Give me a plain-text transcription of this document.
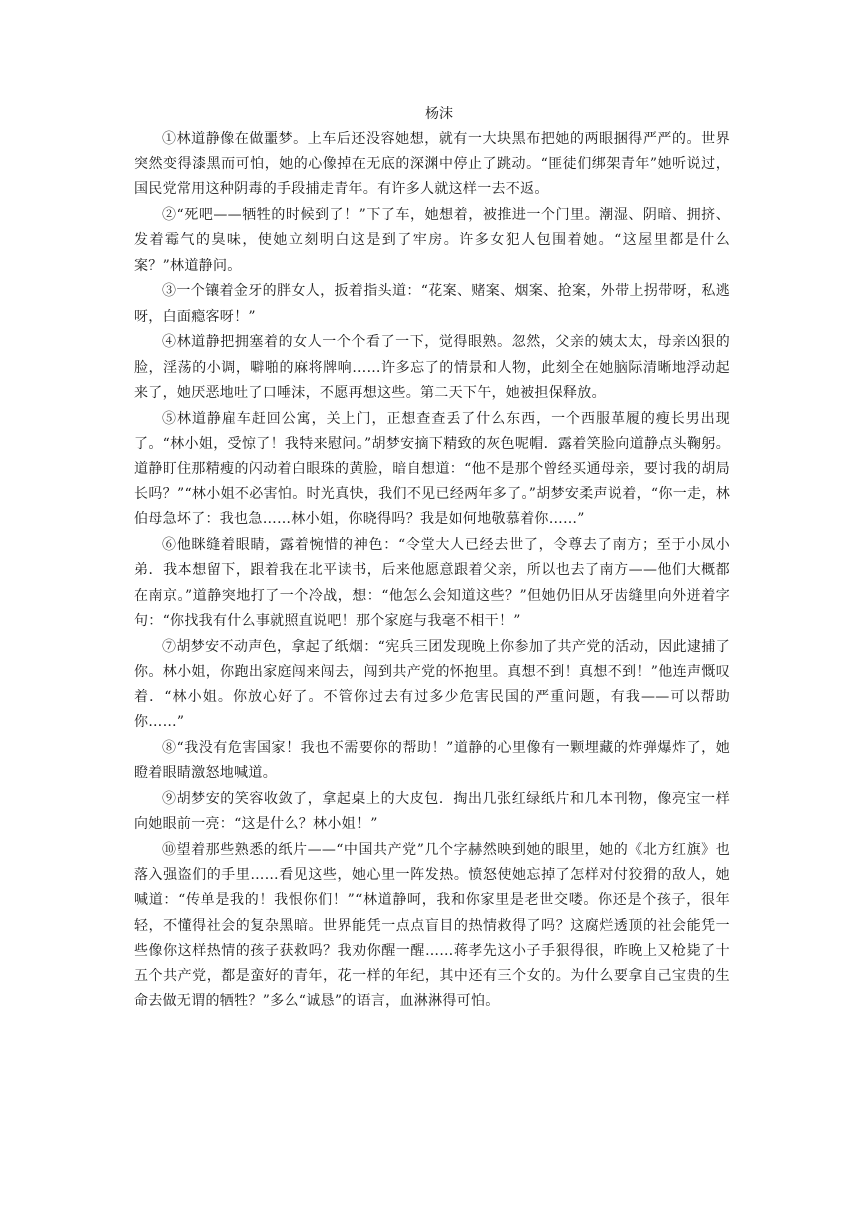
杨沫

①林道静像在做噩梦。上车后还没容她想，就有一大块黑布把她的两眼捆得严严的。世界突然变得漆黑而可怕，她的心像掉在无底的深渊中停止了跳动。“匪徒们绑架青年”她听说过，国民党常用这种阴毒的手段捕走青年。有许多人就这样一去不返。

②“死吧——牺牲的时候到了！”下了车，她想着，被推进一个门里。潮湿、阴暗、拥挤、发着霉气的臭味，使她立刻明白这是到了牢房。许多女犯人包围着她。“这屋里都是什么案？”林道静问。

③一个镶着金牙的胖女人，扳着指头道：“花案、赌案、烟案、抢案，外带上拐带呀，私逃呀，白面瘾客呀！”

④林道静把拥塞着的女人一个个看了一下，觉得眼熟。忽然，父亲的姨太太，母亲凶狠的脸，淫荡的小调，噼啪的麻将牌响……许多忘了的情景和人物，此刻全在她脑际清晰地浮动起来了，她厌恶地吐了口唾沫，不愿再想这些。第二天下午，她被担保释放。

⑤林道静雇车赶回公寓，关上门，正想查查丢了什么东西，一个西服革履的瘦长男出现了。“林小姐，受惊了！我特来慰问。”胡梦安摘下精致的灰色呢帽．露着笑脸向道静点头鞠躬。道静盯住那精瘦的闪动着白眼珠的黄脸，暗自想道：“他不是那个曾经买通母亲，要讨我的胡局长吗？”“林小姐不必害怕。时光真快，我们不见已经两年多了。”胡梦安柔声说着，“你一走，林伯母急坏了：我也急……林小姐，你晓得吗？我是如何地敬慕着你……”

⑥他眯缝着眼睛，露着惋惜的神色：“令堂大人已经去世了，令尊去了南方；至于小凤小弟．我本想留下，跟着我在北平读书，后来他愿意跟着父亲，所以也去了南方——他们大概都在南京。”道静突地打了一个冷战，想：“他怎么会知道这些？”但她仍旧从牙齿缝里向外迸着字句：“你找我有什么事就照直说吧！那个家庭与我毫不相干！”

⑦胡梦安不动声色，拿起了纸烟：“宪兵三团发现晚上你参加了共产党的活动，因此逮捕了你。林小姐，你跑出家庭闯来闯去，闯到共产党的怀抱里。真想不到！真想不到！”他连声慨叹着．“林小姐。你放心好了。不管你过去有过多少危害民国的严重问题，有我——可以帮助你……”

⑧“我没有危害国家！我也不需要你的帮助！”道静的心里像有一颗埋藏的炸弹爆炸了，她瞪着眼睛激怒地喊道。

⑨胡梦安的笑容收敛了，拿起桌上的大皮包．掏出几张红绿纸片和几本刊物，像亮宝一样向她眼前一亮：“这是什么？林小姐！”

⑩望着那些熟悉的纸片——“中国共产党”几个字赫然映到她的眼里，她的《北方红旗》也落入强盗们的手里……看见这些，她心里一阵发热。愤怒使她忘掉了怎样对付狡猾的敌人，她喊道：“传单是我的！我恨你们！”“林道静呵，我和你家里是老世交喽。你还是个孩子，很年轻，不懂得社会的复杂黑暗。世界能凭一点点盲目的热情救得了吗？这腐烂透顶的社会能凭一些像你这样热情的孩子获救吗？我劝你醒一醒……蒋孝先这小子手狠得很，昨晚上又枪毙了十五个共产党，都是蛮好的青年，花一样的年纪，其中还有三个女的。为什么要拿自己宝贵的生命去做无谓的牺牲？”多么“诚恳”的语言，血淋淋得可怕。
